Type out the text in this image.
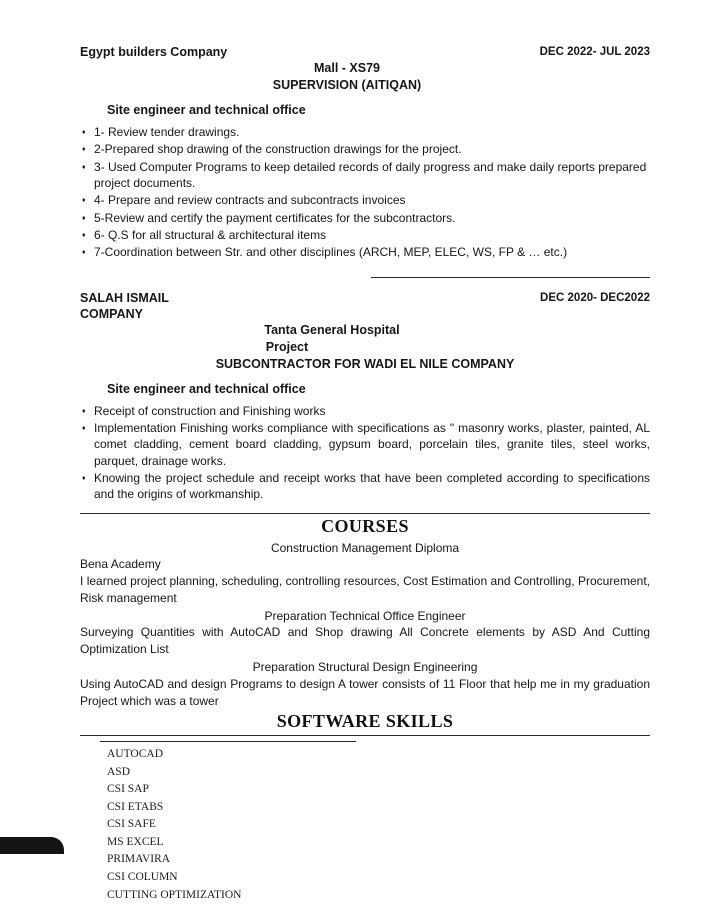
Egypt builders Company	DEC 2022- JUL 2023
Mall - XS79
SUPERVISION (AITIQAN)
Site engineer and technical office
♦ 1- Review tender drawings.
♦ 2-Prepared shop drawing of the construction drawings for the project.
♦ 3- Used Computer Programs to keep detailed records of daily progress and make daily reports prepared project documents.
♦ 4- Prepare and review contracts and subcontracts invoices
♦ 5-Review and certify the payment certificates for the subcontractors.
♦ 6- Q.S for all structural & architectural items
♦ 7-Coordination between Str. and other disciplines (ARCH, MEP, ELEC, WS, FP & … etc.)
SALAH ISMAIL COMPANY
DEC 2020- DEC2022
Tanta General Hospital
Project
SUBCONTRACTOR FOR WADI EL NILE COMPANY
Site engineer and technical office
♦ Receipt of construction and Finishing works
♦ Implementation Finishing works compliance with specifications as " masonry works, plaster, painted, AL comet cladding, cement board cladding, gypsum board, porcelain tiles, granite tiles, steel works, parquet, drainage works.
♦ Knowing the project schedule and receipt works that have been completed according to specifications and the origins of workmanship.
COURSES
Construction Management Diploma
Bena Academy
I learned project planning, scheduling, controlling resources, Cost Estimation and Controlling, Procurement, Risk management
Preparation Technical Office Engineer
Surveying Quantities with AutoCAD and Shop drawing All Concrete elements by ASD And Cutting Optimization List
Preparation Structural Design Engineering
Using AutoCAD and design Programs to design A tower consists of 11 Floor that help me in my graduation Project which was a tower
SOFTWARE SKILLS
AUTOCAD
ASD
CSI SAP
CSI ETABS
CSI SAFE
MS EXCEL
PRIMAVIRA
CSI COLUMN
CUTTING OPTIMIZATION
